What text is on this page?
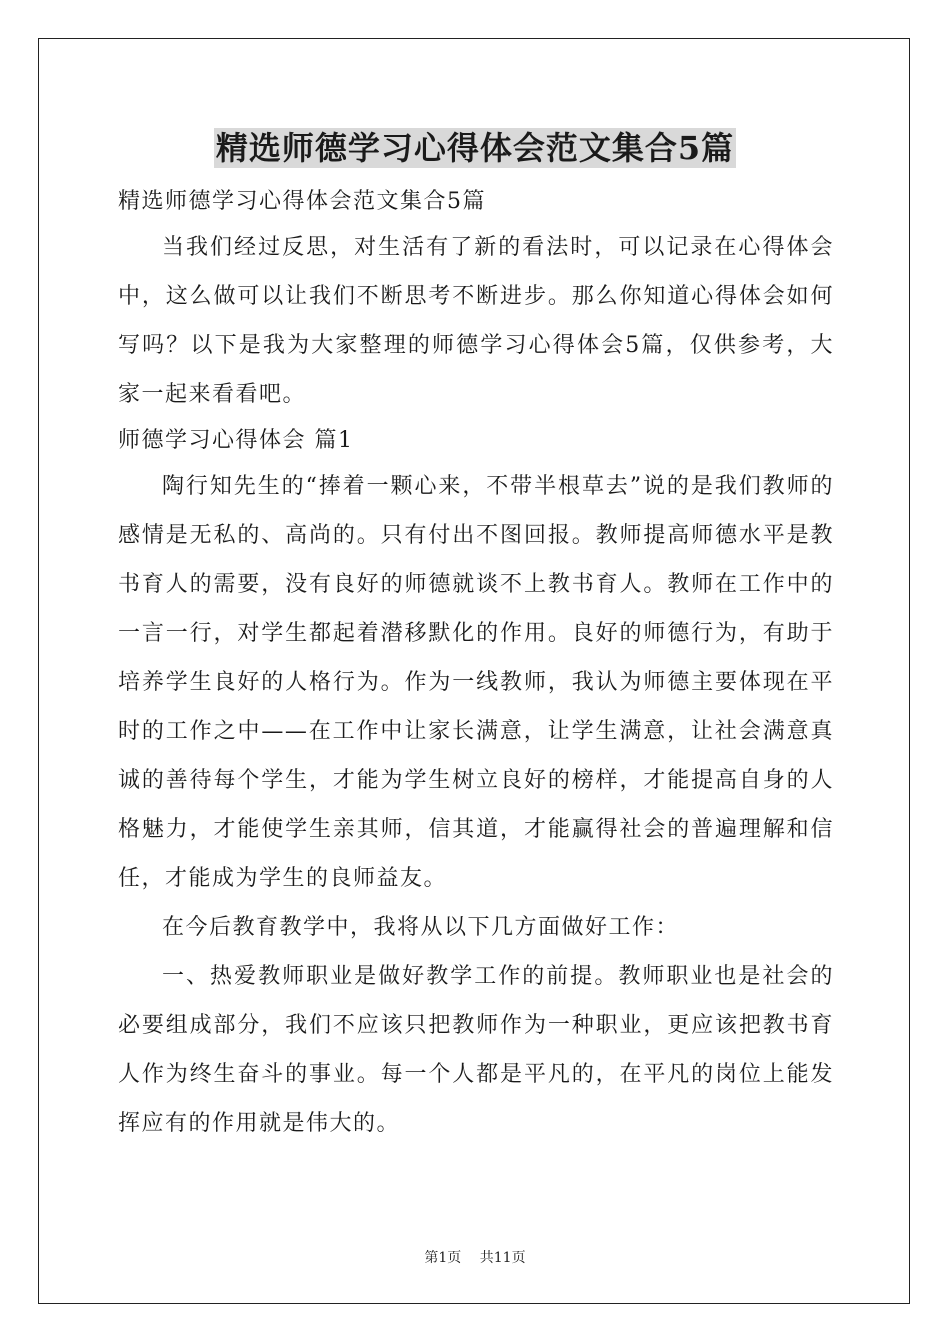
精选师德学习心得体会范文集合5篇

精选师德学习心得体会范文集合5篇

当我们经过反思，对生活有了新的看法时，可以记录在心得体会中，这么做可以让我们不断思考不断进步。那么你知道心得体会如何写吗？以下是我为大家整理的师德学习心得体会5篇，仅供参考，大家一起来看看吧。

师德学习心得体会 篇1

陶行知先生的“捧着一颗心来，不带半根草去”说的是我们教师的感情是无私的、高尚的。只有付出不图回报。教师提高师德水平是教书育人的需要，没有良好的师德就谈不上教书育人。教师在工作中的一言一行，对学生都起着潜移默化的作用。良好的师德行为，有助于培养学生良好的人格行为。作为一线教师，我认为师德主要体现在平时的工作之中——在工作中让家长满意，让学生满意，让社会满意真诚的善待每个学生，才能为学生树立良好的榜样，才能提高自身的人格魅力，才能使学生亲其师，信其道，才能赢得社会的普遍理解和信任，才能成为学生的良师益友。

在今后教育教学中，我将从以下几方面做好工作：

一、热爱教师职业是做好教学工作的前提。教师职业也是社会的必要组成部分，我们不应该只把教师作为一种职业，更应该把教书育人作为终生奋斗的事业。每一个人都是平凡的，在平凡的岗位上能发挥应有的作用就是伟大的。

第1页 共11页
